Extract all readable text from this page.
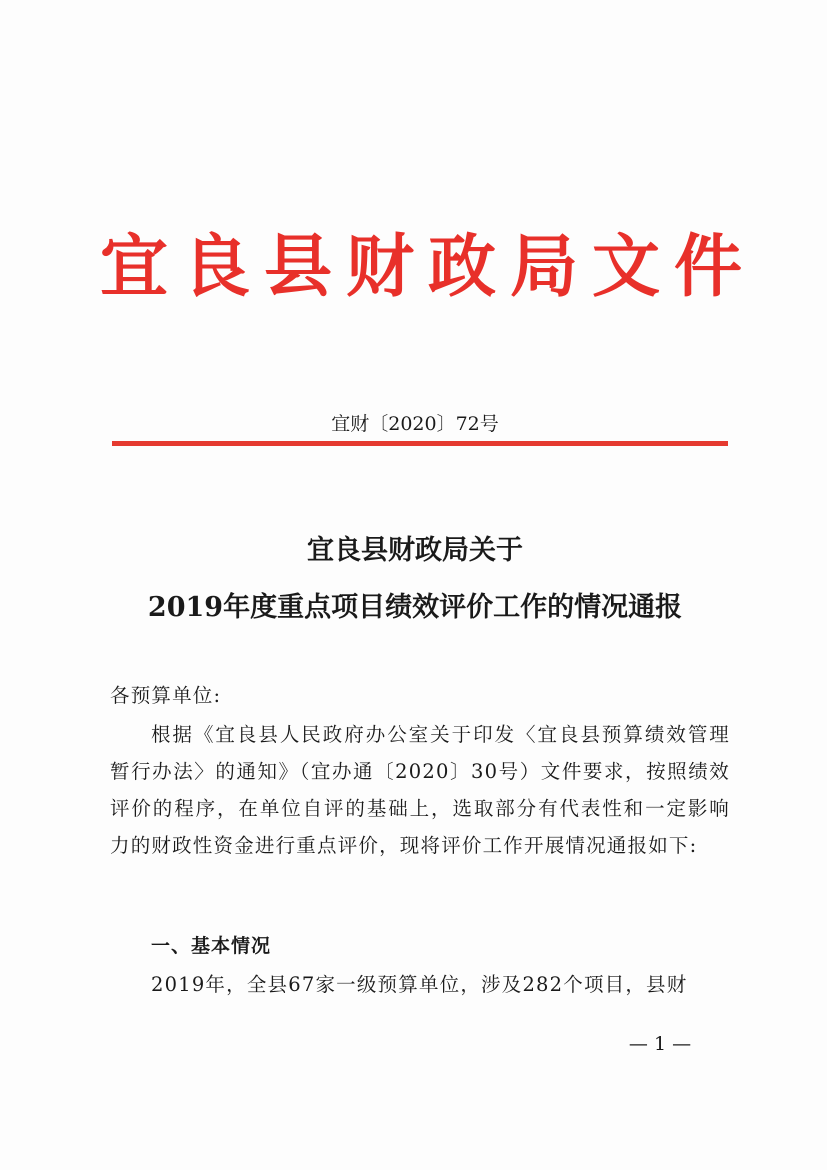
宜良县财政局文件
宜财〔2020〕72号
宜良县财政局关于
2019年度重点项目绩效评价工作的情况通报
各预算单位:
根据《宜良县人民政府办公室关于印发〈宜良县预算绩效管理暂行办法〉的通知》（宜办通〔2020〕30号）文件要求，按照绩效评价的程序，在单位自评的基础上，选取部分有代表性和一定影响力的财政性资金进行重点评价，现将评价工作开展情况通报如下:
一、基本情况
2019年，全县67家一级预算单位，涉及282个项目，县财
— 1 —
